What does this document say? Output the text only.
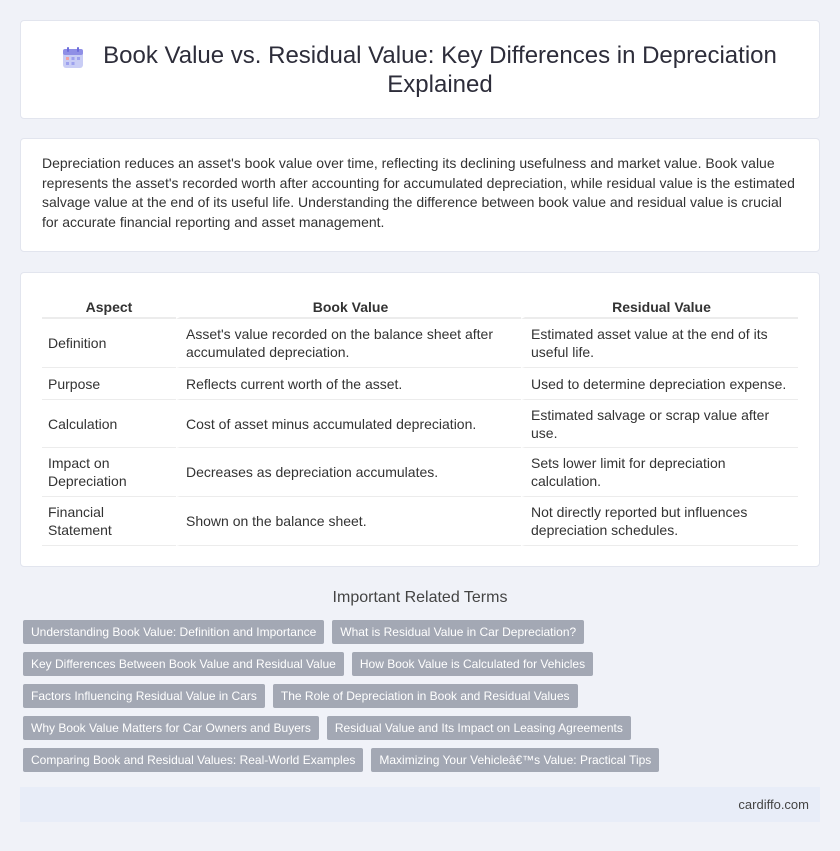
Book Value vs. Residual Value: Key Differences in Depreciation Explained

Depreciation reduces an asset's book value over time, reflecting its declining usefulness and market value. Book value represents the asset's recorded worth after accounting for accumulated depreciation, while residual value is the estimated salvage value at the end of its useful life. Understanding the difference between book value and residual value is crucial for accurate financial reporting and asset management.

Aspect	Book Value	Residual Value
Definition	Asset's value recorded on the balance sheet after accumulated depreciation.	Estimated asset value at the end of its useful life.
Purpose	Reflects current worth of the asset.	Used to determine depreciation expense.
Calculation	Cost of asset minus accumulated depreciation.	Estimated salvage or scrap value after use.
Impact on Depreciation	Decreases as depreciation accumulates.	Sets lower limit for depreciation calculation.
Financial Statement	Shown on the balance sheet.	Not directly reported but influences depreciation schedules.
Important Related Terms
Understanding Book Value: Definition and Importance	What is Residual Value in Car Depreciation?
Key Differences Between Book Value and Residual Value	How Book Value is Calculated for Vehicles
Factors Influencing Residual Value in Cars	The Role of Depreciation in Book and Residual Values
Why Book Value Matters for Car Owners and Buyers	Residual Value and Its Impact on Leasing Agreements
Comparing Book and Residual Values: Real-World Examples	Maximizing Your Vehicleâ€™s Value: Practical Tips
cardiffo.com
